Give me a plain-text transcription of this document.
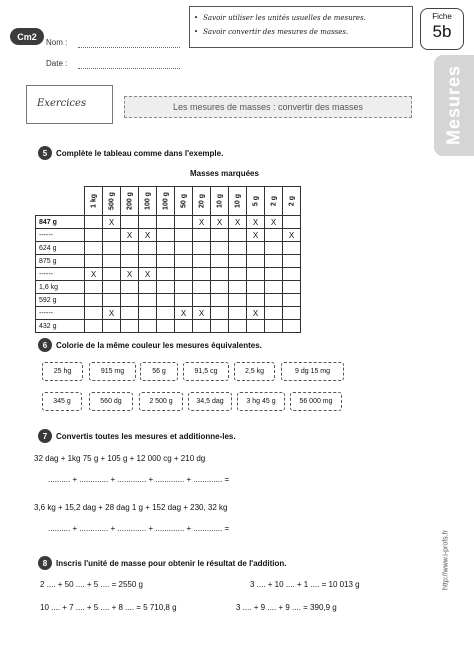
Cm2
Nom :
Date :
• Savoir utiliser les unités usuelles de mesures.
• Savoir convertir des mesures de masses.
Fiche
5b
Mesures
Exercices	Les mesures de masses : convertir des masses
5	Complète le tableau comme dans l'exemple.
Masses marquées

	1 kg	500 g	200 g	100 g	100 g	50 g	20 g	10 g	10 g	5 g	2 g	2 g

847 g		X					X	X	X	X	X	
------			X	X						X		X
624 g												
875 g												
------	X		X	X								
1,6 kg												
592 g												
------		X				X	X			X		
432 g												
6	Colorie de la même couleur les mesures équivalentes.
25 hg	915 mg	56 g	91,5 cg	2,5 kg	9 dg 15 mg
345 g	560 dg	2 500 g	34,5 dag	3 hg 45 g	56 000 mg
7	Convertis toutes les mesures et additionne-les.
32 dag + 1kg 75 g + 105 g + 12 000 cg + 210 dg
.......... + ............. + ............. + ............. + ............. =
3,6 kg + 15,2 dag + 28 dag 1 g + 152 dag + 230, 32 kg
.......... + ............. + ............. + ............. + ............. =
8	Inscris l'unité de masse pour obtenir le résultat de l'addition.
2 .... + 50 .... + 5 .... = 2550 g	3 .... + 10 .... + 1 .... = 10 013 g
10 .... + 7 .... + 5 .... + 8 .... = 5 710,8 g	3 .... + 9 .... + 9 .... = 390,9 g
http://www.i-profs.fr
